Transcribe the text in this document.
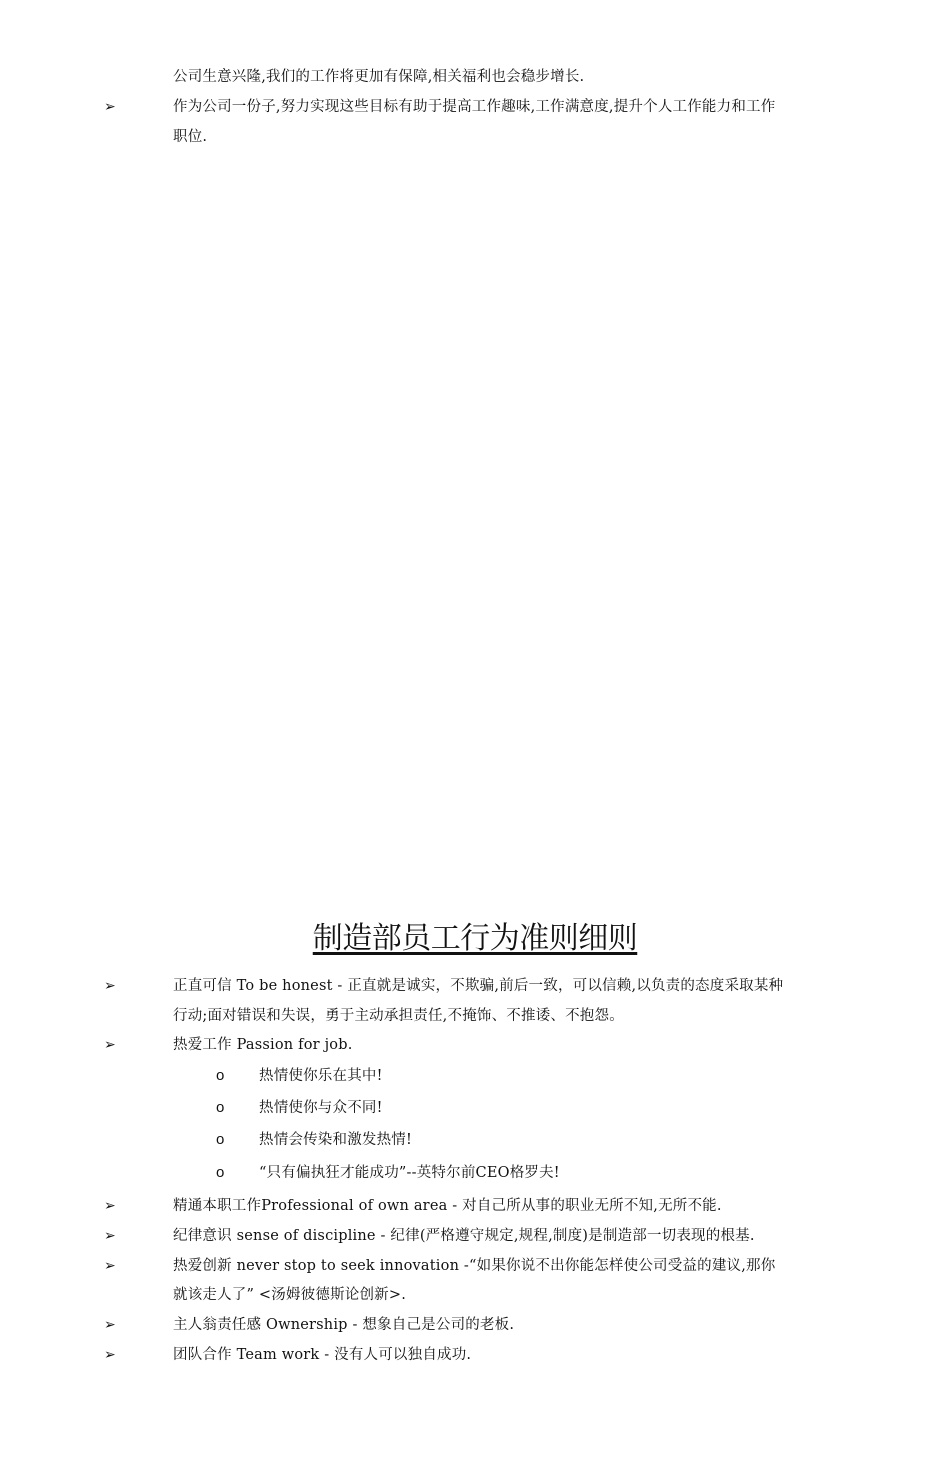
公司生意兴隆,我们的工作将更加有保障,相关福利也会稳步增长.
➢	作为公司一份子,努力实现这些目标有助于提高工作趣味,工作满意度,提升个人工作能力和工作
职位.
制造部员工行为准则细则
➢	正直可信 To be honest - 正直就是诚实，不欺骗,前后一致，可以信赖,以负责的态度采取某种
行动;面对错误和失误，勇于主动承担责任,不掩饰、不推诿、不抱怨。
➢	热爱工作 Passion for job.
o 热情使你乐在其中!
o 热情使你与众不同!
o 热情会传染和激发热情!
o “只有偏执狂才能成功”--英特尔前CEO格罗夫!
➢	精通本职工作Professional of own area - 对自己所从事的职业无所不知,无所不能.
➢	纪律意识 sense of discipline - 纪律(严格遵守规定,规程,制度)是制造部一切表现的根基.
➢	热爱创新 never stop to seek innovation -“如果你说不出你能怎样使公司受益的建议,那你
就该走人了” <汤姆彼德斯论创新>.
➢	主人翁责任感 Ownership - 想象自己是公司的老板.
➢	团队合作 Team work - 没有人可以独自成功.
